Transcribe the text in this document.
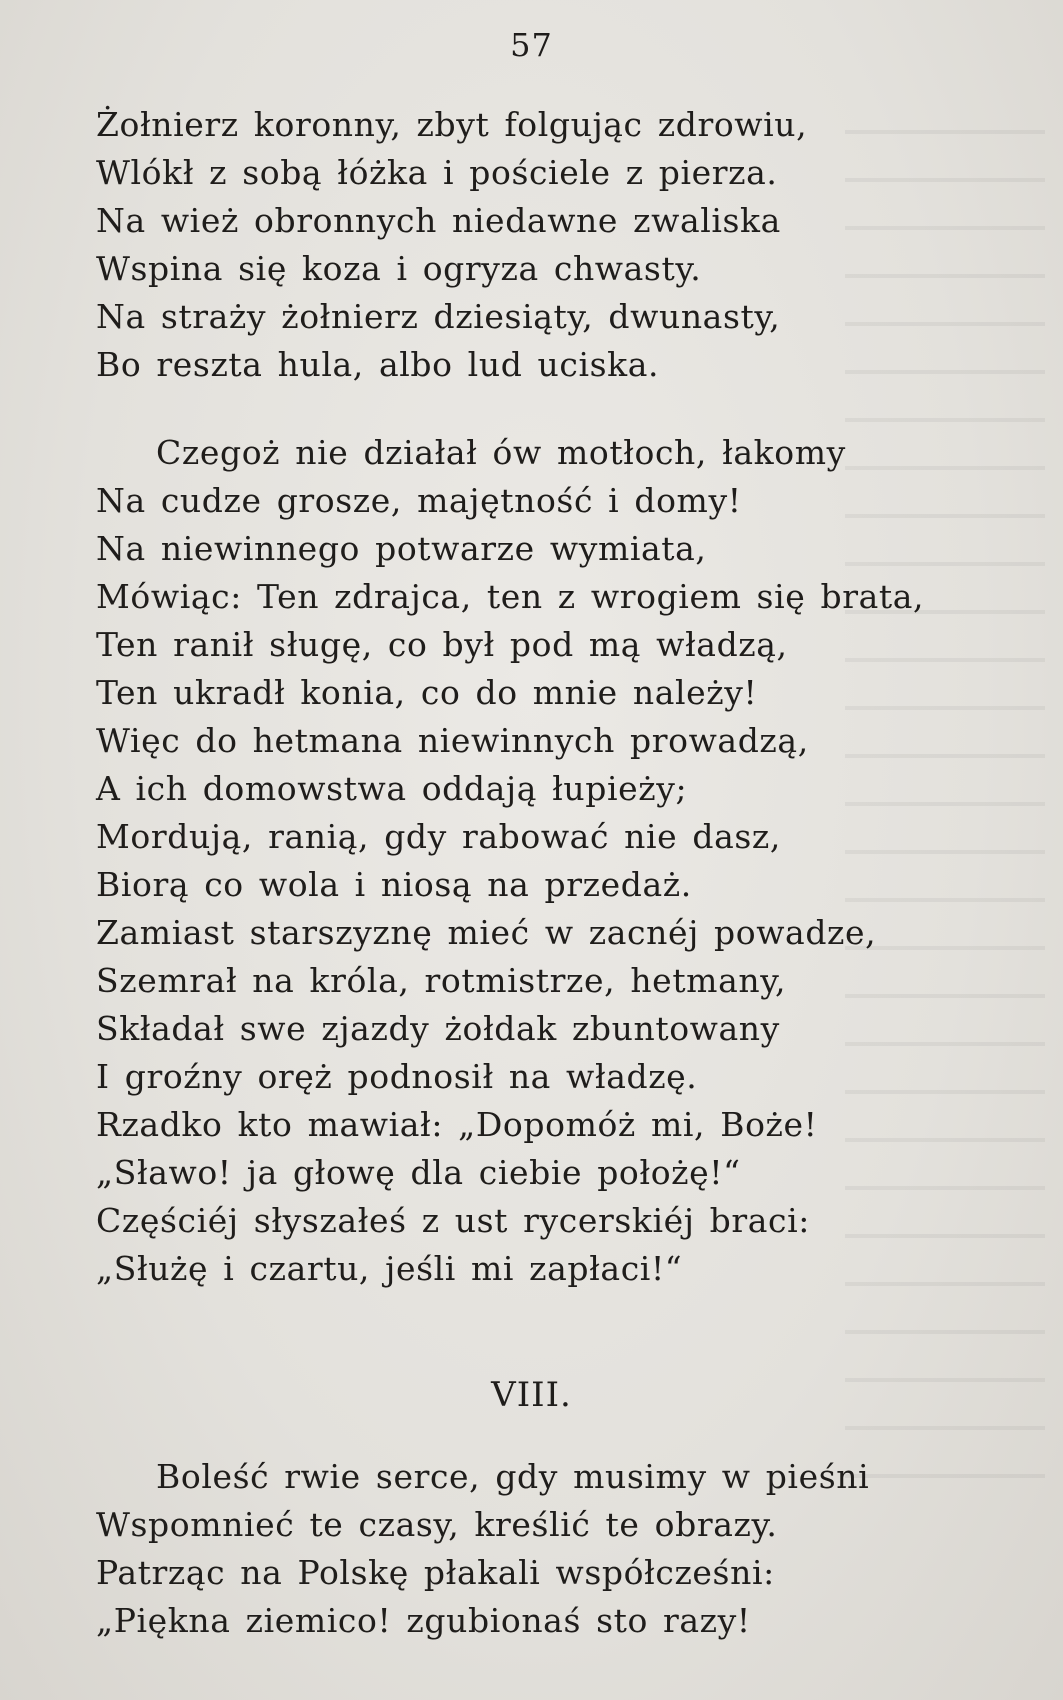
57
Żołnierz koronny, zbyt folgując zdrowiu,
Wlókł z sobą łóżka i pościele z pierza.
Na wież obronnych niedawne zwaliska
Wspina się koza i ogryza chwasty.
Na straży żołnierz dziesiąty, dwunasty,
Bo reszta hula, albo lud uciska.
Czegoż nie działał ów motłoch, łakomy
Na cudze grosze, majętność i domy!
Na niewinnego potwarze wymiata,
Mówiąc: Ten zdrajca, ten z wrogiem się brata,
Ten ranił sługę, co był pod mą władzą,
Ten ukradł konia, co do mnie należy!
Więc do hetmana niewinnych prowadzą,
A ich domowstwa oddają łupieży;
Mordują, ranią, gdy rabować nie dasz,
Biorą co wola i niosą na przedaż.
Zamiast starszyznę mieć w zacnéj powadze,
Szemrał na króla, rotmistrze, hetmany,
Składał swe zjazdy żołdak zbuntowany
I groźny oręż podnosił na władzę.
Rzadko kto mawiał: „Dopomóż mi, Boże!
„Sławo! ja głowę dla ciebie położę!“
Częściéj słyszałeś z ust rycerskiéj braci:
„Służę i czartu, jeśli mi zapłaci!“
VIII.
Boleść rwie serce, gdy musimy w pieśni
Wspomnieć te czasy, kreślić te obrazy.
Patrząc na Polskę płakali współcześni:
„Piękna ziemico! zgubionaś sto razy!
